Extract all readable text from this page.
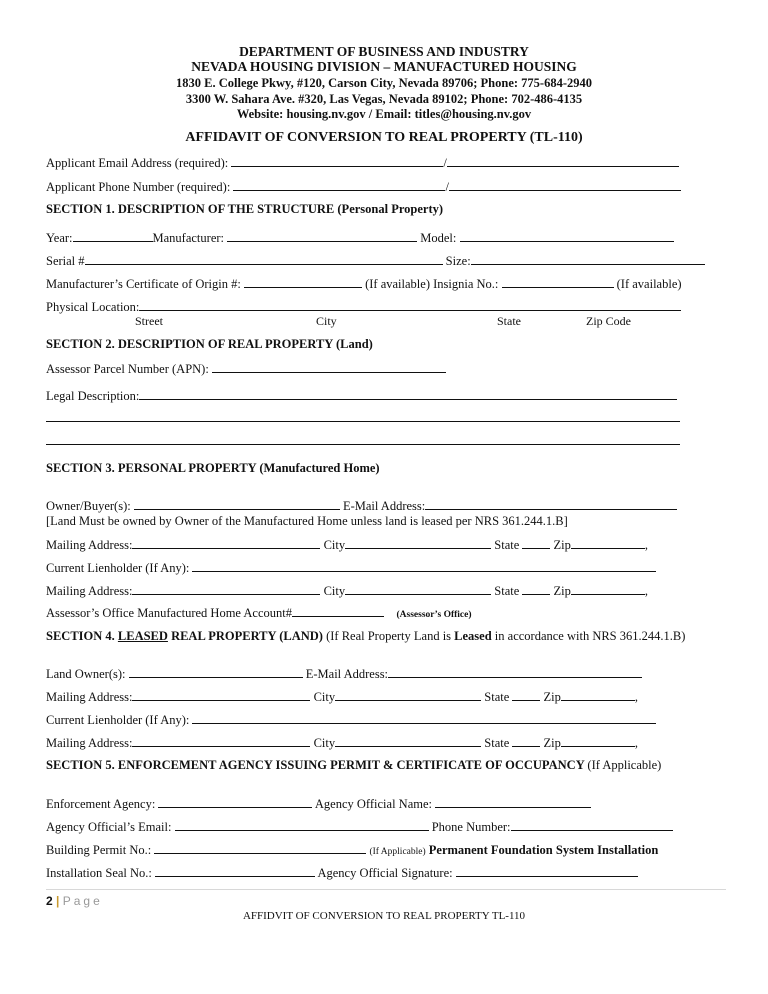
DEPARTMENT OF BUSINESS AND INDUSTRY
NEVADA HOUSING DIVISION – MANUFACTURED HOUSING
1830 E. College Pkwy, #120, Carson City, Nevada 89706; Phone: 775-684-2940
3300 W. Sahara Ave. #320, Las Vegas, Nevada 89102; Phone: 702-486-4135
Website: housing.nv.gov / Email: titles@housing.nv.gov
AFFIDAVIT OF CONVERSION TO REAL PROPERTY (TL-110)
Applicant Email Address (required):	/
Applicant Phone Number (required):	/
SECTION 1. DESCRIPTION OF THE STRUCTURE (Personal Property)
Year:	Manufacturer:	Model:
Serial #	Size:
Manufacturer’s Certificate of Origin #:	(If available) Insignia No.:	(If available)
Physical Location:
Street	City	State	Zip Code
SECTION 2. DESCRIPTION OF REAL PROPERTY (Land)
Assessor Parcel Number (APN):
Legal Description:
SECTION 3. PERSONAL PROPERTY (Manufactured Home)
Owner/Buyer(s):	E-Mail Address:
[Land Must be owned by Owner of the Manufactured Home unless land is leased per NRS 361.244.1.B]
Mailing Address:	City	State	Zip	,
Current Lienholder (If Any):
Mailing Address:	City	State	Zip	,
Assessor’s Office Manufactured Home Account#	(Assessor’s Office)
SECTION 4. LEASED REAL PROPERTY (LAND) (If Real Property Land is Leased in accordance with NRS 361.244.1.B)
Land Owner(s):	E-Mail Address:
Mailing Address:	City	State	Zip	,
Current Lienholder (If Any):
Mailing Address:	City	State	Zip	,
SECTION 5. ENFORCEMENT AGENCY ISSUING PERMIT & CERTIFICATE OF OCCUPANCY (If Applicable)
Enforcement Agency:	Agency Official Name:
Agency Official’s Email:	Phone Number:
Building Permit No.:	(If Applicable) Permanent Foundation System Installation
Installation Seal No.:	Agency Official Signature:
2 | Page
AFFIDVIT OF CONVERSION TO REAL PROPERTY TL-110
